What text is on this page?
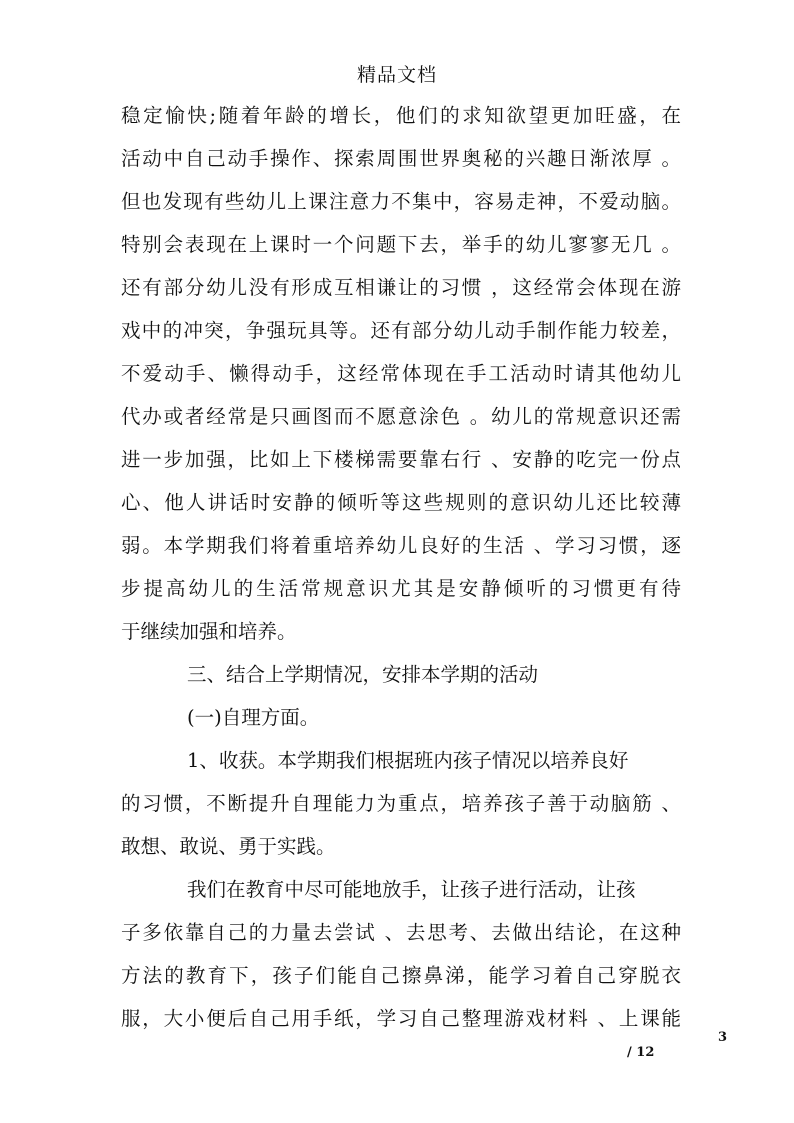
精品文档
稳定愉快;随着年龄的增长，他们的求知欲望更加旺盛，在
活动中自己动手操作、探索周围世界奥秘的兴趣日渐浓厚 。
但也发现有些幼儿上课注意力不集中，容易走神，不爱动脑。
特别会表现在上课时一个问题下去，举手的幼儿寥寥无几 。
还有部分幼儿没有形成互相谦让的习惯 ，这经常会体现在游
戏中的冲突，争强玩具等。还有部分幼儿动手制作能力较差，
不爱动手、懒得动手，这经常体现在手工活动时请其他幼儿
代办或者经常是只画图而不愿意涂色 。幼儿的常规意识还需
进一步加强，比如上下楼梯需要靠右行 、安静的吃完一份点
心、他人讲话时安静的倾听等这些规则的意识幼儿还比较薄
弱。本学期我们将着重培养幼儿良好的生活 、学习习惯，逐
步提高幼儿的生活常规意识尤其是安静倾听的习惯更有待
于继续加强和培养。
三、结合上学期情况，安排本学期的活动
(一)自理方面。
1、收获。本学期我们根据班内孩子情况以培养良好
的习惯，不断提升自理能力为重点，培养孩子善于动脑筋 、
敢想、敢说、勇于实践。
我们在教育中尽可能地放手，让孩子进行活动，让孩
子多依靠自己的力量去尝试 、去思考、去做出结论，在这种
方法的教育下，孩子们能自己擦鼻涕，能学习着自己穿脱衣
服，大小便后自己用手纸，学习自己整理游戏材料 、上课能
3
/ 12
